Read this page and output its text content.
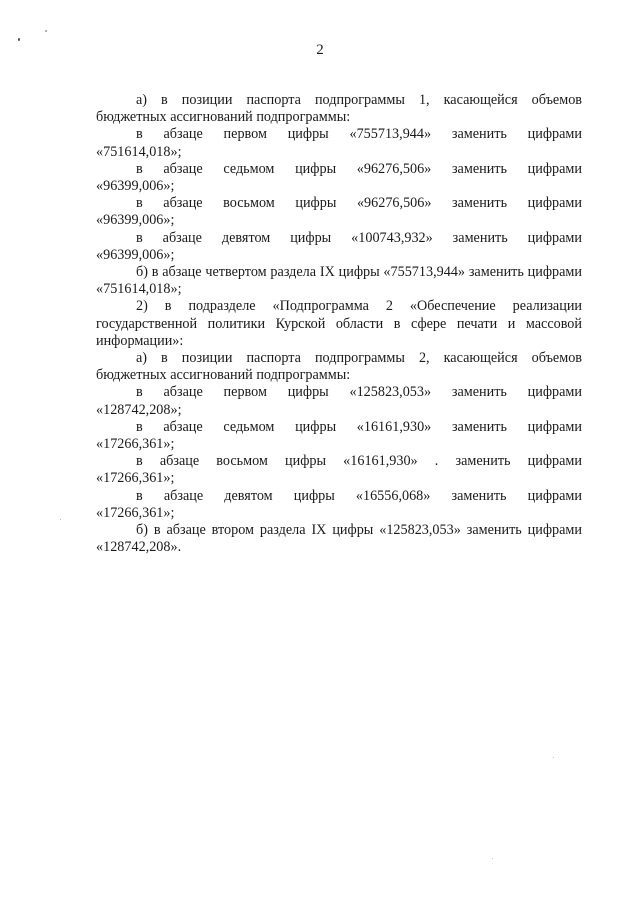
2

а) в позиции паспорта подпрограммы 1, касающейся объемов бюджетных ассигнований подпрограммы:

в абзаце первом цифры «755713,944» заменить цифрами

«751614,018»;

в абзаце седьмом цифры «96276,506» заменить цифрами

«96399,006»;

в абзаце восьмом цифры «96276,506» заменить цифрами

«96399,006»;

в абзаце девятом цифры «100743,932» заменить цифрами

«96399,006»;

б) в абзаце четвертом раздела IX цифры «755713,944» заменить цифрами «751614,018»;

2) в подразделе «Подпрограмма 2 «Обеспечение реализации государственной политики Курской области в сфере печати и массовой информации»:

а) в позиции паспорта подпрограммы 2, касающейся объемов бюджетных ассигнований подпрограммы:

в абзаце первом цифры «125823,053» заменить цифрами

«128742,208»;

в абзаце седьмом цифры «16161,930» заменить цифрами

«17266,361»;

в абзаце восьмом цифры «16161,930» . заменить цифрами

«17266,361»;

в абзаце девятом цифры «16556,068» заменить цифрами

«17266,361»;

б) в абзаце втором раздела IX цифры «125823,053» заменить цифрами «128742,208».
